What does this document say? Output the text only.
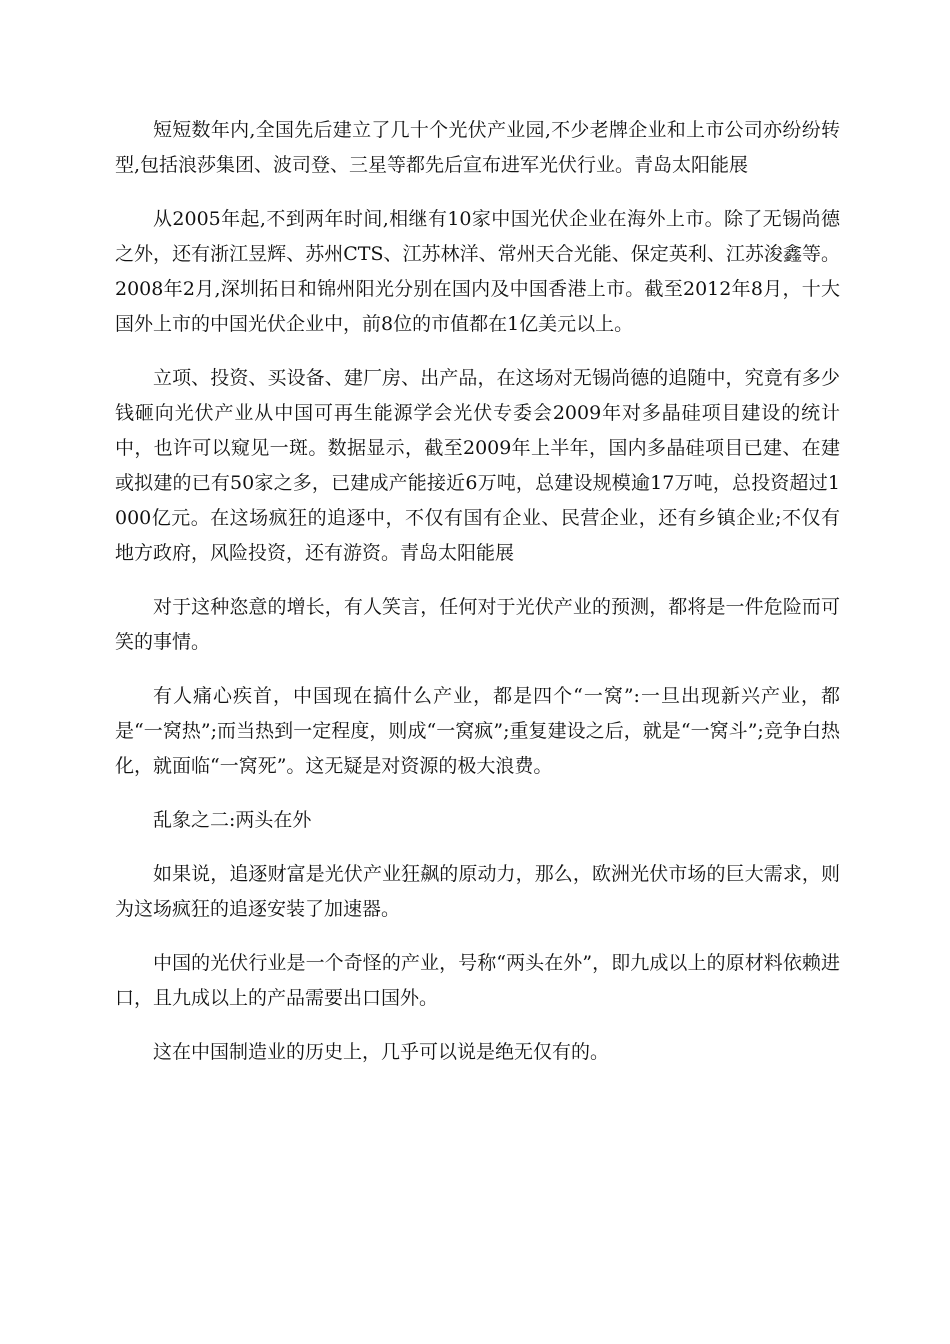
短短数年内,全国先后建立了几十个光伏产业园,不少老牌企业和上市公司亦纷纷转型,包括浪莎集团、波司登、三星等都先后宣布进军光伏行业。青岛太阳能展

从2005年起,不到两年时间,相继有10家中国光伏企业在海外上市。除了无锡尚德之外，还有浙江昱辉、苏州CTS、江苏林洋、常州天合光能、保定英利、江苏浚鑫等。2008年2月,深圳拓日和锦州阳光分别在国内及中国香港上市。截至2012年8月，十大国外上市的中国光伏企业中，前8位的市值都在1亿美元以上。

立项、投资、买设备、建厂房、出产品，在这场对无锡尚德的追随中，究竟有多少钱砸向光伏产业从中国可再生能源学会光伏专委会2009年对多晶硅项目建设的统计中，也许可以窥见一斑。数据显示，截至2009年上半年，国内多晶硅项目已建、在建或拟建的已有50家之多，已建成产能接近6万吨，总建设规模逾17万吨，总投资超过1000亿元。在这场疯狂的追逐中，不仅有国有企业、民营企业，还有乡镇企业;不仅有地方政府，风险投资，还有游资。青岛太阳能展

对于这种恣意的增长，有人笑言，任何对于光伏产业的预测，都将是一件危险而可笑的事情。

有人痛心疾首，中国现在搞什么产业，都是四个“一窝”:一旦出现新兴产业，都是“一窝热”;而当热到一定程度，则成“一窝疯”;重复建设之后，就是“一窝斗”;竞争白热化，就面临“一窝死”。这无疑是对资源的极大浪费。

乱象之二:两头在外

如果说，追逐财富是光伏产业狂飙的原动力，那么，欧洲光伏市场的巨大需求，则为这场疯狂的追逐安装了加速器。

中国的光伏行业是一个奇怪的产业，号称“两头在外”，即九成以上的原材料依赖进口，且九成以上的产品需要出口国外。

这在中国制造业的历史上，几乎可以说是绝无仅有的。
